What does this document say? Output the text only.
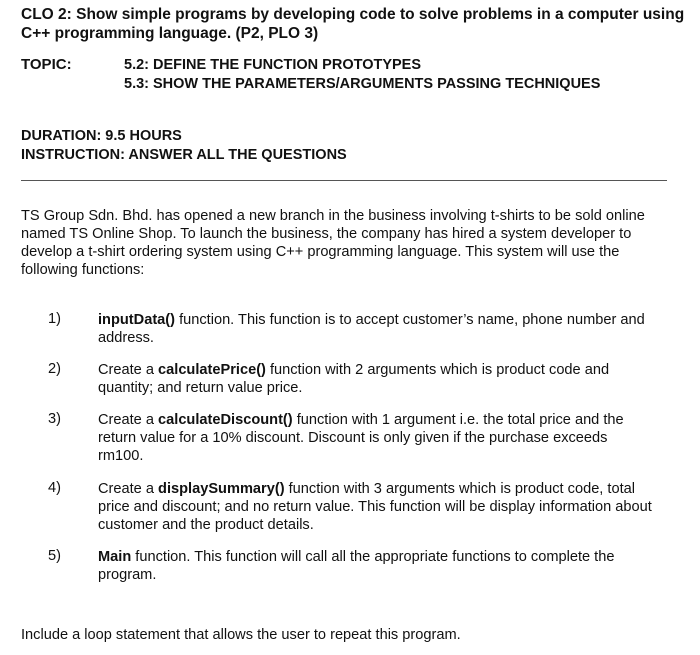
CLO 2: Show simple programs by developing code to solve problems in a computer using
C++ programming language. (P2, PLO 3)
TOPIC:	5.2: DEFINE THE FUNCTION PROTOTYPES
5.3: SHOW THE PARAMETERS/ARGUMENTS PASSING TECHNIQUES
DURATION: 9.5 HOURS
INSTRUCTION: ANSWER ALL THE QUESTIONS
TS Group Sdn. Bhd. has opened a new branch in the business involving t-shirts to be sold online
named TS Online Shop. To launch the business, the company has hired a system developer to
develop a t-shirt ordering system using C++ programming language. This system will use the
following functions:
1)	inputData() function. This function is to accept customer’s name, phone number and
address.
2)	Create a calculatePrice() function with 2 arguments which is product code and
quantity; and return value price.
3)	Create a calculateDiscount() function with 1 argument i.e. the total price and the
return value for a 10% discount. Discount is only given if the purchase exceeds
rm100.
4)	Create a displaySummary() function with 3 arguments which is product code, total
price and discount; and no return value. This function will be display information about
customer and the product details.
5)	Main function. This function will call all the appropriate functions to complete the
program.
Include a loop statement that allows the user to repeat this program.
